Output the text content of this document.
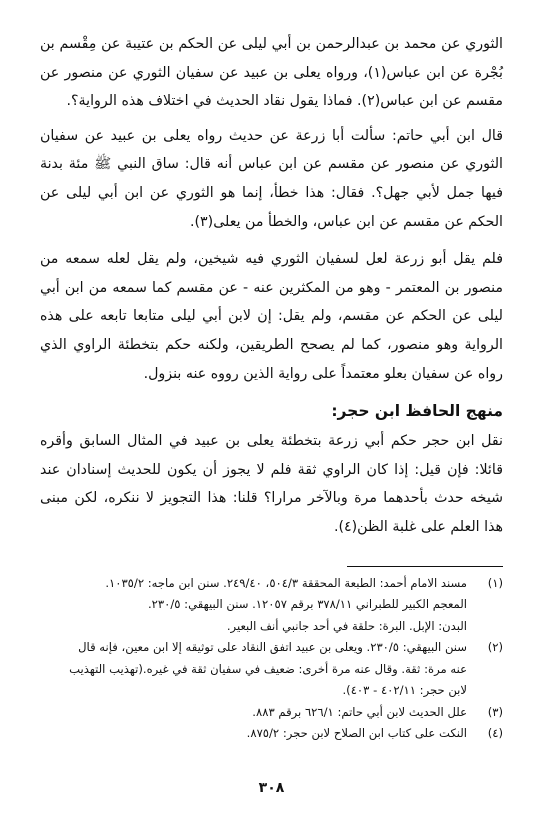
الثوري عن محمد بن عبدالرحمن بن أبي ليلى عن الحكم بن عتيبة عن مِقْسم بن بُجْرة عن ابن عباس(١)، ورواه يعلى بن عبيد عن سفيان الثوري عن منصور عن مقسم عن ابن عباس(٢). فماذا يقول نقاد الحديث في اختلاف هذه الرواية؟.

قال ابن أبي حاتم: سألت أبا زرعة عن حديث رواه يعلى بن عبيد عن سفيان الثوري عن منصور عن مقسم عن ابن عباس أنه قال: ساق النبي ﷺ مئة بدنة فيها جمل لأبي جهل؟. فقال: هذا خطأ، إنما هو الثوري عن ابن أبي ليلى عن الحكم عن مقسم عن ابن عباس، والخطأ من يعلى(٣).

فلم يقل أبو زرعة لعل لسفيان الثوري فيه شيخين، ولم يقل لعله سمعه من منصور بن المعتمر - وهو من المكثرين عنه - عن مقسم كما سمعه من ابن أبي ليلى عن الحكم عن مقسم، ولم يقل: إن لابن أبي ليلى متابعا تابعه على هذه الرواية وهو منصور، كما لم يصحح الطريقين، ولكنه حكم بتخطئة الراوي الذي رواه عن سفيان بعلو معتمداً على رواية الذين رووه عنه بنزول.

منهج الحافظ ابن حجر:

نقل ابن حجر حكم أبي زرعة بتخطئة يعلى بن عبيد في المثال السابق وأقره قائلا: فإن قيل: إذا كان الراوي ثقة فلم لا يجوز أن يكون للحديث إسنادان عند شيخه حدث بأحدهما مرة وبالآخر مرارا؟ قلنا: هذا التجويز لا ننكره، لكن مبنى هذا العلم على غلبة الظن(٤).

(١)
مسند الامام أحمد: الطبعة المحققة ٥٠٤/٣، ٢٤٩/٤٠. سنن ابن ماجه: ١٠٣٥/٢.
المعجم الكبير للطبراني ٣٧٨/١١ برقم ١٢٠٥٧. سنن البيهقي: ٢٣٠/٥.
البدن: الإبل. البرة: حلقة في أحد جانبي أنف البعير.
(٢)
سنن البيهقي: ٢٣٠/٥. ويعلى بن عبيد اتفق النقاد على توثيقه إلا ابن معين، فإنه قال
عنه مرة: ثقة. وقال عنه مرة أخرى: ضعيف في سفيان ثقة في غيره.(تهذيب التهذيب
لابن حجر: ٤٠٢/١١ - ٤٠٣).
(٣)
علل الحديث لابن أبي حاتم: ٦٢٦/١ برقم ٨٨٣.
(٤)
النكت على كتاب ابن الصلاح لابن حجر: ٨٧٥/٢.
٣٠٨
